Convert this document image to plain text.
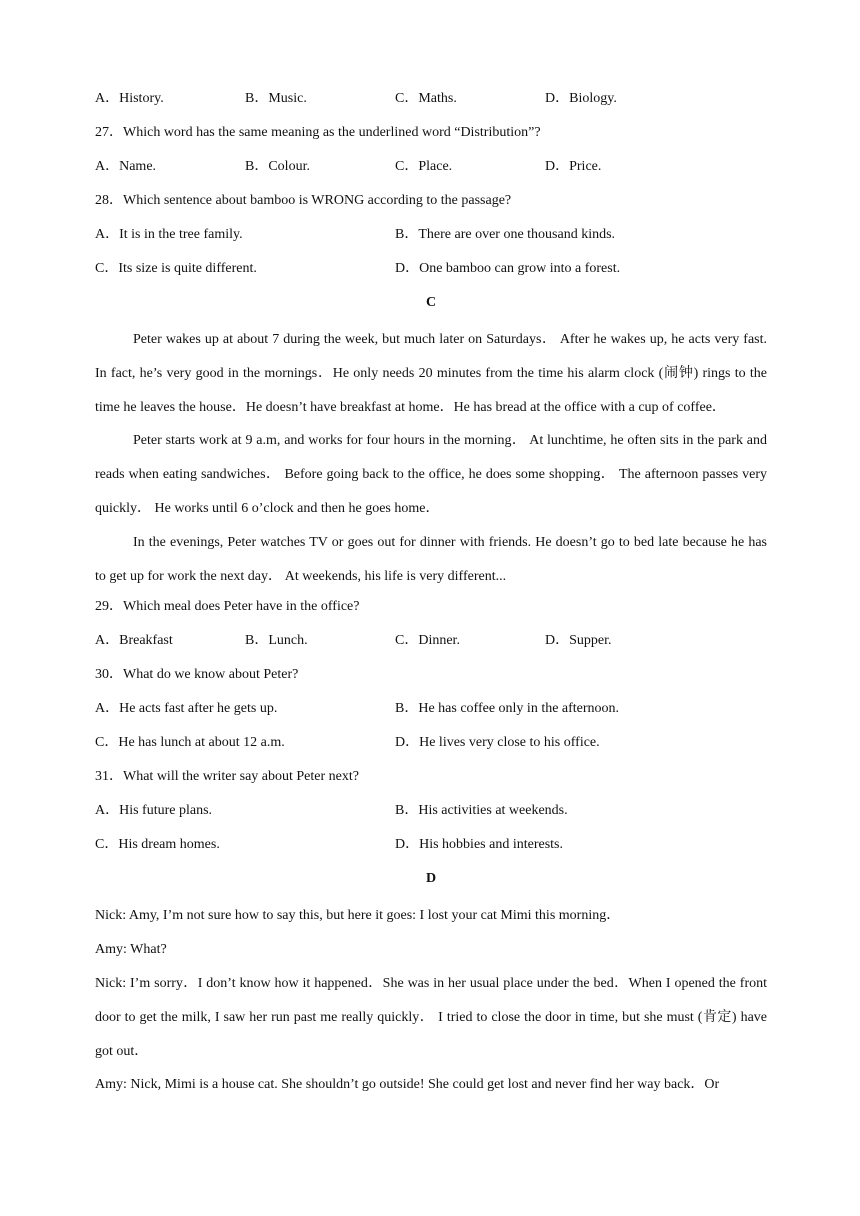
A．History.	B．Music.	C．Maths.	D．Biology.
27．Which word has the same meaning as the underlined word “Distribution”?
A．Name.	B．Colour.	C．Place.	D．Price.
28．Which sentence about bamboo is WRONG according to the passage?
A．It is in the tree family.	B．There are over one thousand kinds.
C．Its size is quite different.	D．One bamboo can grow into a forest.
C

Peter wakes up at about 7 during the week, but much later on Saturdays． After he wakes up, he acts very fast. In fact, he’s very good in the mornings．He only needs 20 minutes from the time his alarm clock (闹钟) rings to the time he leaves the house．He doesn’t have breakfast at home．He has bread at the office with a cup of coffee．

Peter starts work at 9 a.m, and works for four hours in the morning． At lunchtime, he often sits in the park and reads when eating sandwiches． Before going back to the office, he does some shopping． The afternoon passes very quickly． He works until 6 o’clock and then he goes home．

In the evenings, Peter watches TV or goes out for dinner with friends. He doesn’t go to bed late because he has to get up for work the next day． At weekends, his life is very different...

29．Which meal does Peter have in the office?
A．Breakfast	B．Lunch.	C．Dinner.	D．Supper.
30．What do we know about Peter?
A．He acts fast after he gets up.	B．He has coffee only in the afternoon.
C．He has lunch at about 12 a.m.	D．He lives very close to his office.
31．What will the writer say about Peter next?
A．His future plans.	B．His activities at weekends.
C．His dream homes.	D．His hobbies and interests.
D

Nick: Amy, I’m not sure how to say this, but here it goes: I lost your cat Mimi this morning．

Amy: What?

Nick: I’m sorry．I don’t know how it happened．She was in her usual place under the bed．When I opened the front door to get the milk, I saw her run past me really quickly． I tried to close the door in time, but she must (肯定) have got out．

Amy: Nick, Mimi is a house cat. She shouldn’t go outside! She could get lost and never find her way back．Or
